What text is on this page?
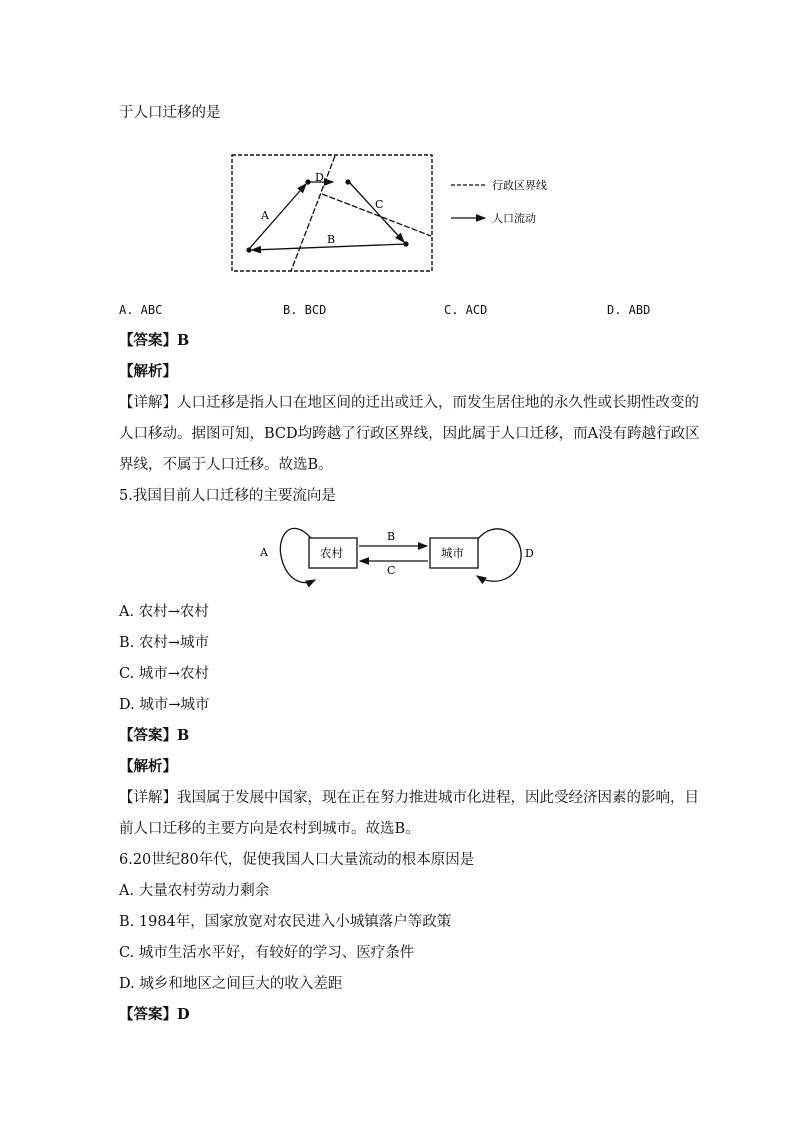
于人口迁移的是
A
D
C
B
行政区界线
人口流动
A. ABC	B. BCD	C. ACD	D. ABD
【答案】B
【解析】
【详解】人口迁移是指人口在地区间的迁出或迁入，而发生居住地的永久性或长期性改变的
人口移动。据图可知，BCD均跨越了行政区界线，因此属于人口迁移，而A没有跨越行政区
界线，不属于人口迁移。故选B。
5.我国目前人口迁移的主要流向是
农村	城市
A
B
C
D
A. 农村→农村
B. 农村→城市
C. 城市→农村
D. 城市→城市
【答案】B
【解析】
【详解】我国属于发展中国家，现在正在努力推进城市化进程，因此受经济因素的影响，目
前人口迁移的主要方向是农村到城市。故选B。
6.20世纪80年代，促使我国人口大量流动的根本原因是
A. 大量农村劳动力剩余
B. 1984年，国家放宽对农民进入小城镇落户等政策
C. 城市生活水平好，有较好的学习、医疗条件
D. 城乡和地区之间巨大的收入差距
【答案】D
